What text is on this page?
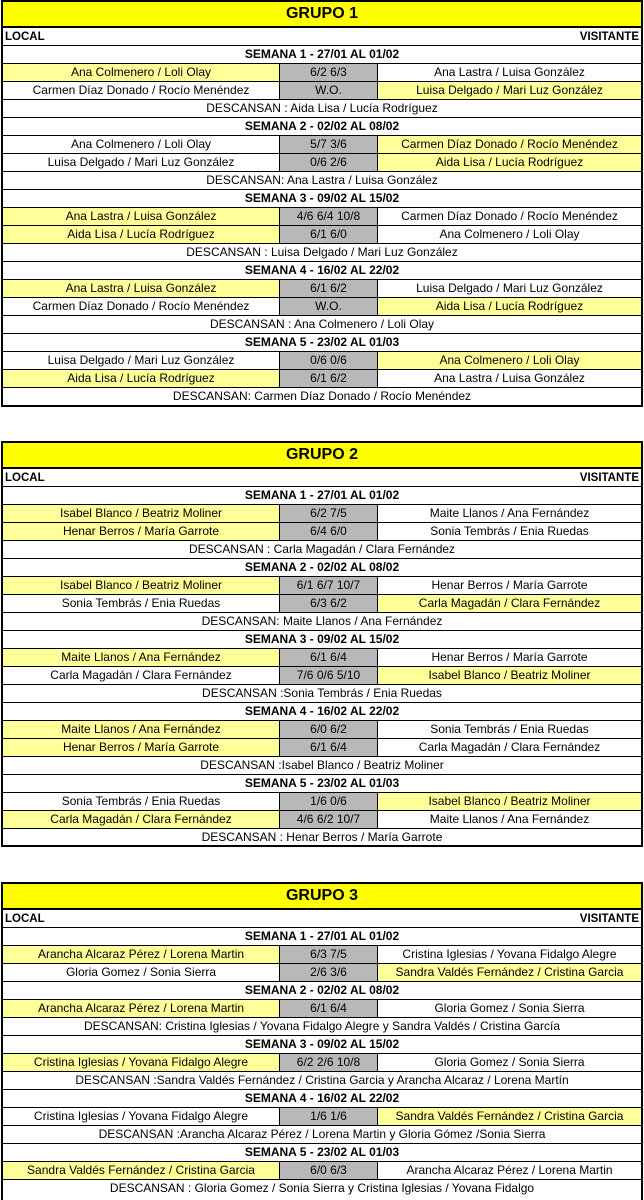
GRUPO 1
LOCAL	VISITANTE
SEMANA 1 - 27/01 AL 01/02
Ana Colmenero / Loli Olay	6/2 6/3	Ana Lastra / Luisa González
Carmen Díaz Donado / Rocío Menéndez	W.O.	Luisa Delgado / Mari Luz González
DESCANSAN : Aida Lisa / Lucía Rodríguez
SEMANA 2 - 02/02 AL 08/02
Ana Colmenero / Loli Olay	5/7 3/6	Carmen Díaz Donado / Rocío Menéndez
Luisa Delgado / Mari Luz González	0/6 2/6	Aida Lisa / Lucía Rodríguez
DESCANSAN: Ana Lastra / Luisa González
SEMANA 3 - 09/02 AL 15/02
Ana Lastra / Luisa González	4/6 6/4 10/8	Carmen Díaz Donado / Rocío Menéndez
Aida Lisa / Lucía Rodríguez	6/1 6/0	Ana Colmenero / Loli Olay
DESCANSAN : Luisa Delgado / Mari Luz González
SEMANA 4 - 16/02 AL 22/02
Ana Lastra / Luisa González	6/1 6/2	Luisa Delgado / Mari Luz González
Carmen Díaz Donado / Rocío Menéndez	W.O.	Aida Lisa / Lucía Rodríguez
DESCANSAN : Ana Colmenero / Loli Olay
SEMANA 5 - 23/02 AL 01/03
Luisa Delgado / Mari Luz González	0/6 0/6	Ana Colmenero / Loli Olay
Aida Lisa / Lucía Rodríguez	6/1 6/2	Ana Lastra / Luisa González
DESCANSAN: Carmen Díaz Donado / Rocío Menéndez
GRUPO 2
LOCAL	VISITANTE
SEMANA 1 - 27/01 AL 01/02
Isabel Blanco / Beatriz Moliner	6/2 7/5	Maite Llanos / Ana Fernández
Henar Berros / María Garrote	6/4 6/0	Sonia Tembrás / Enia Ruedas
DESCANSAN : Carla Magadán / Clara Fernández
SEMANA 2 - 02/02 AL 08/02
Isabel Blanco / Beatriz Moliner	6/1 6/7 10/7	Henar Berros / María Garrote
Sonia Tembrás / Enia Ruedas	6/3 6/2	Carla Magadán / Clara Fernández
DESCANSAN: Maite Llanos / Ana Fernández
SEMANA 3 - 09/02 AL 15/02
Maite Llanos / Ana Fernández	6/1 6/4	Henar Berros / María Garrote
Carla Magadán / Clara Fernández	7/6 0/6 5/10	Isabel Blanco / Beatriz Moliner
DESCANSAN :Sonia Tembrás / Enia Ruedas
SEMANA 4 - 16/02 AL 22/02
Maite Llanos / Ana Fernández	6/0 6/2	Sonia Tembrás / Enia Ruedas
Henar Berros / María Garrote	6/1 6/4	Carla Magadán / Clara Fernández
DESCANSAN :Isabel Blanco / Beatriz Moliner
SEMANA 5 - 23/02 AL 01/03
Sonia Tembrás / Enia Ruedas	1/6 0/6	Isabel Blanco / Beatriz Moliner
Carla Magadán / Clara Fernández	4/6 6/2 10/7	Maite Llanos / Ana Fernández
DESCANSAN : Henar Berros / María Garrote
GRUPO 3
LOCAL	VISITANTE
SEMANA 1 - 27/01 AL 01/02
Arancha Alcaraz Pérez / Lorena Martin	6/3 7/5	Cristina Iglesias / Yovana Fidalgo Alegre
Gloria Gomez / Sonia Sierra	2/6 3/6	Sandra Valdés Fernández / Cristina Garcia
SEMANA 2 - 02/02 AL 08/02
Arancha Alcaraz Pérez / Lorena Martin	6/1 6/4	Gloria Gomez / Sonia Sierra
DESCANSAN: Cristina Iglesias / Yovana Fidalgo Alegre y Sandra Valdés / Cristina García
SEMANA 3 - 09/02 AL 15/02
Cristina Iglesias / Yovana Fidalgo Alegre	6/2 2/6 10/8	Gloria Gomez / Sonia Sierra
DESCANSAN :Sandra Valdés Fernández / Cristina Garcia y Arancha Alcaraz / Lorena Martín
SEMANA 4 - 16/02 AL 22/02
Cristina Iglesias / Yovana Fidalgo Alegre	1/6 1/6	Sandra Valdés Fernández / Cristina Garcia
DESCANSAN :Arancha Alcaraz Pérez / Lorena Martin y Gloria Gómez /Sonia Sierra
SEMANA 5 - 23/02 AL 01/03
Sandra Valdés Fernández / Cristina Garcia	6/0 6/3	Arancha Alcaraz Pérez / Lorena Martin
DESCANSAN : Gloria Gomez / Sonia Sierra y Cristina Iglesias / Yovana Fidalgo
